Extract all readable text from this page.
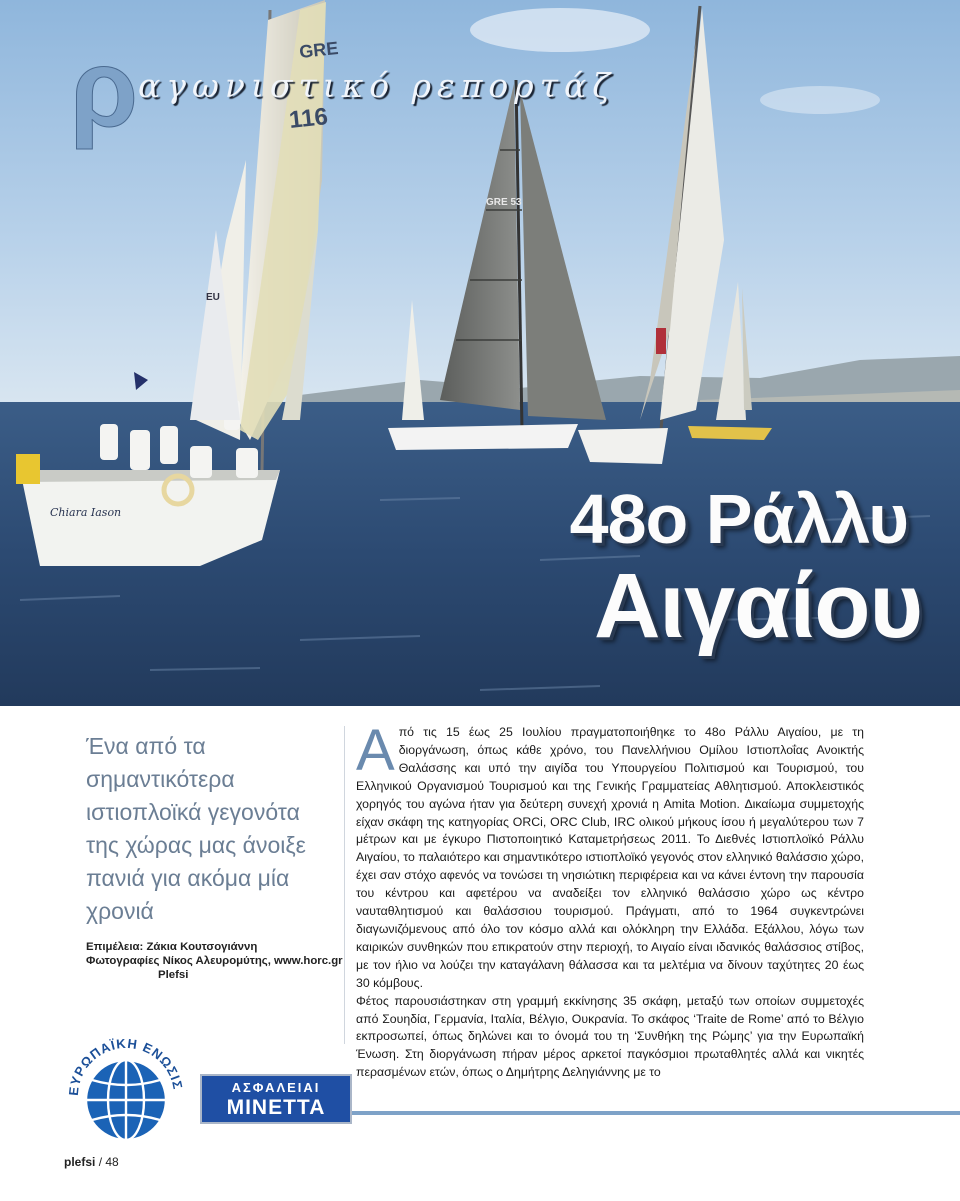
GRE
116
Chiara Iason
EU
GRE 53
ρ αγωνιστικό ρεπορτάζ
48ο Ράλλυ
Αιγαίου
Ένα από τα σημαντικότερα ιστιοπλοϊκά γεγονότα της χώρας μας άνοιξε πανιά για ακόμα μία χρονιά
Επιμέλεια: Ζάκια Κουτσογιάννη
Φωτογραφίες Νίκος Αλευρομύτης, www.horc.gr
Plefsi
ΕΥΡΩΠΑΪΚΗ ΕΝΩΣΙΣ	ΑΣΦΑΛΕΙΑΙ
ΜΙΝΕΤΤΑ
Α πό τις 15 έως 25 Ιουλίου πραγματοποιήθηκε το 48ο Ράλλυ Αιγαίου, με τη διοργάνωση, όπως κάθε χρόνο, του Πανελλήνιου Ομίλου Ιστιοπλοΐας Ανοικτής Θαλάσσης και υπό την αιγίδα του Υπουργείου Πολιτισμού και Τουρισμού, του Ελληνικού Οργανισμού Τουρισμού και της Γενικής Γραμματείας Αθλητισμού. Αποκλειστικός χορηγός του αγώνα ήταν για δεύτερη συνεχή χρονιά η Amita Motion. Δικαίωμα συμμετοχής είχαν σκάφη της κατηγορίας ORCi, ORC Club, IRC ολικού μήκους ίσου ή μεγαλύτερου των 7 μέτρων και με έγκυρο Πιστοποιητικό Καταμετρήσεως 2011. Το Διεθνές Ιστιοπλοϊκό Ράλλυ Αιγαίου, το παλαιότερο και σημαντικότερο ιστιοπλοϊκό γεγονός στον ελληνικό θαλάσσιο χώρο, έχει σαν στόχο αφενός να τονώσει τη νησιώτικη περιφέρεια και να κάνει έντονη την παρουσία του κέντρου και αφετέρου να αναδείξει τον ελληνικό θαλάσσιο χώρο ως κέντρο ναυταθλητισμού και θαλάσσιου τουρισμού. Πράγματι, από το 1964 συγκεντρώνει διαγωνιζόμενους από όλο τον κόσμο αλλά και ολόκληρη την Ελλάδα. Εξάλλου, λόγω των καιρικών συνθηκών που επικρατούν στην περιοχή, το Αιγαίο είναι ιδανικός θαλάσσιος στίβος, με τον ήλιο να λούζει την καταγάλανη θάλασσα και τα μελτέμια να δίνουν ταχύτητες 20 έως 30 κόμβους.

Φέτος παρουσιάστηκαν στη γραμμή εκκίνησης 35 σκάφη, μεταξύ των οποίων συμμετοχές από Σουηδία, Γερμανία, Ιταλία, Βέλγιο, Ουκρανία. Το σκάφος ‘Traite de Rome’ από το Βέλγιο εκπροσωπεί, όπως δηλώνει και το όνομά του τη ‘Συνθήκη της Ρώμης’ για την Ευρωπαϊκή Ένωση. Στη διοργάνωση πήραν μέρος αρκετοί παγκόσμιοι πρωταθλητές αλλά και νικητές περασμένων ετών, όπως ο Δημήτρης Δεληγιάννης με το

plefsi / 48
